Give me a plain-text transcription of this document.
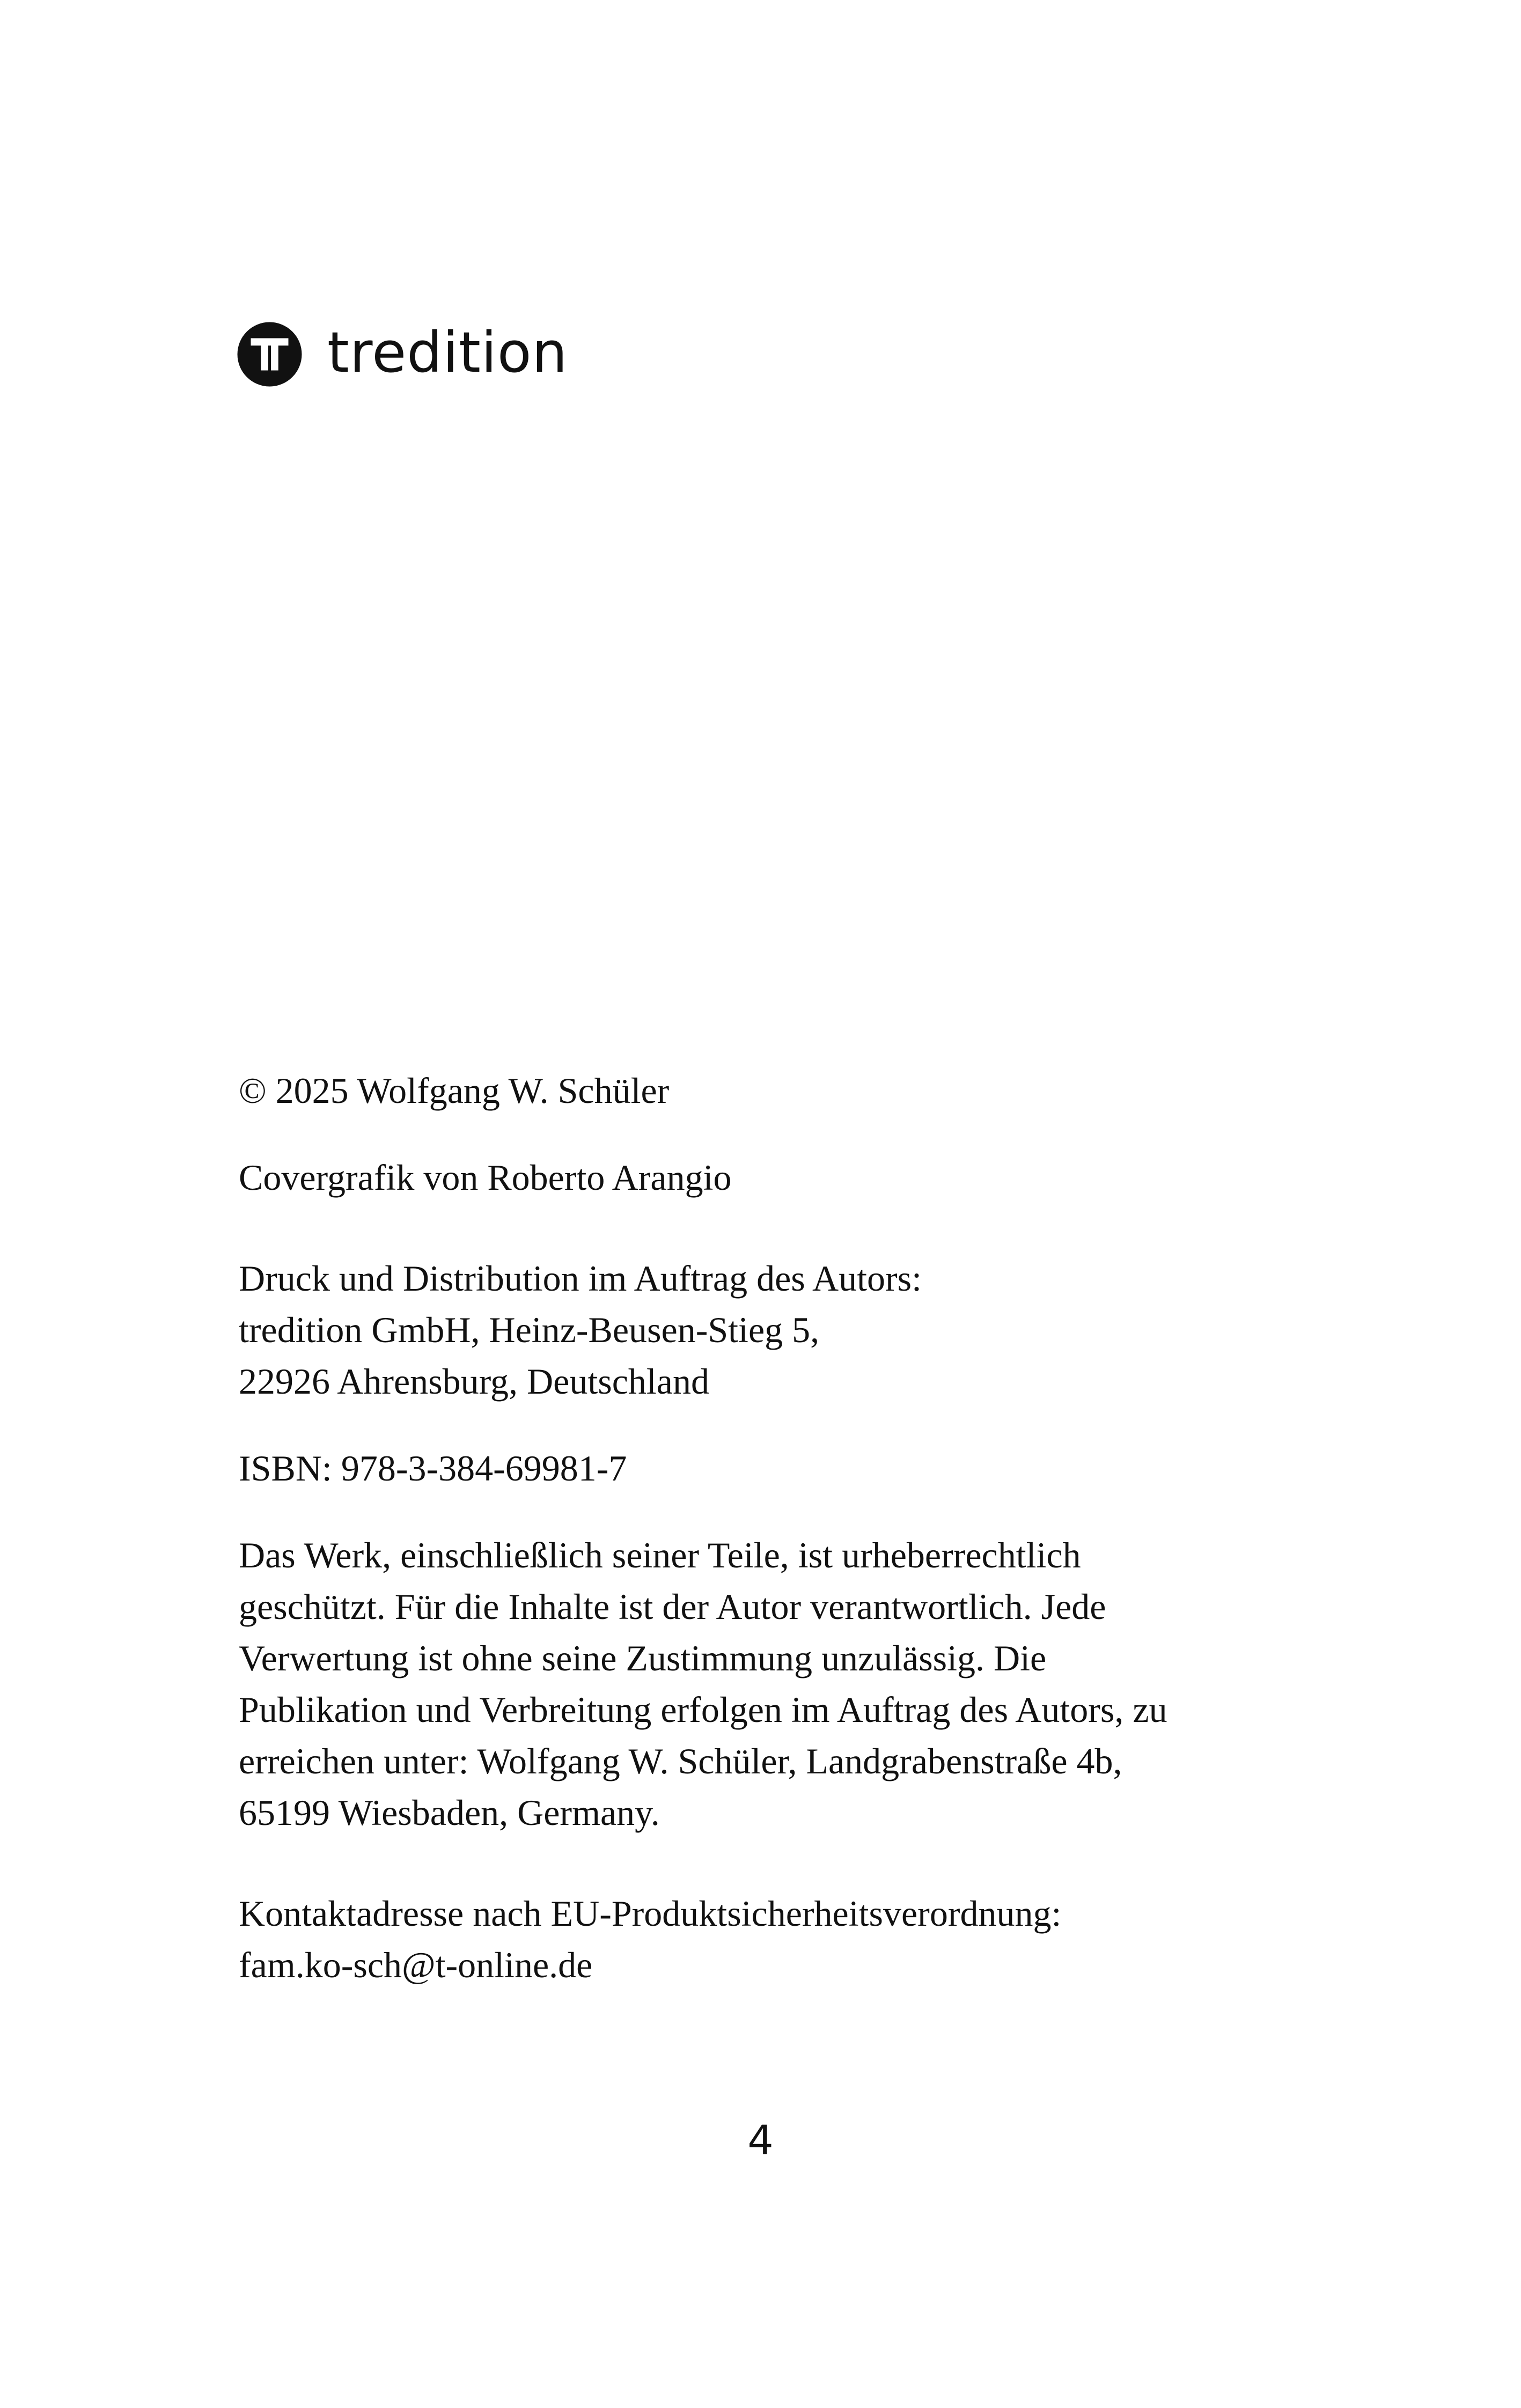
tredition

© 2025 Wolfgang W. Schüler

Covergrafik von Roberto Arangio

Druck und Distribution im Auftrag des Autors:
tredition GmbH, Heinz-Beusen-Stieg 5,
22926 Ahrensburg, Deutschland

ISBN: 978-3-384-69981-7

Das Werk, einschließlich seiner Teile, ist urheberrechtlich
geschützt. Für die Inhalte ist der Autor verantwortlich. Jede
Verwertung ist ohne seine Zustimmung unzulässig. Die
Publikation und Verbreitung erfolgen im Auftrag des Autors, zu
erreichen unter: Wolfgang W. Schüler, Landgrabenstraße 4b,
65199 Wiesbaden, Germany.

Kontaktadresse nach EU-Produktsicherheitsverordnung:
fam.ko-sch@t-online.de

4
